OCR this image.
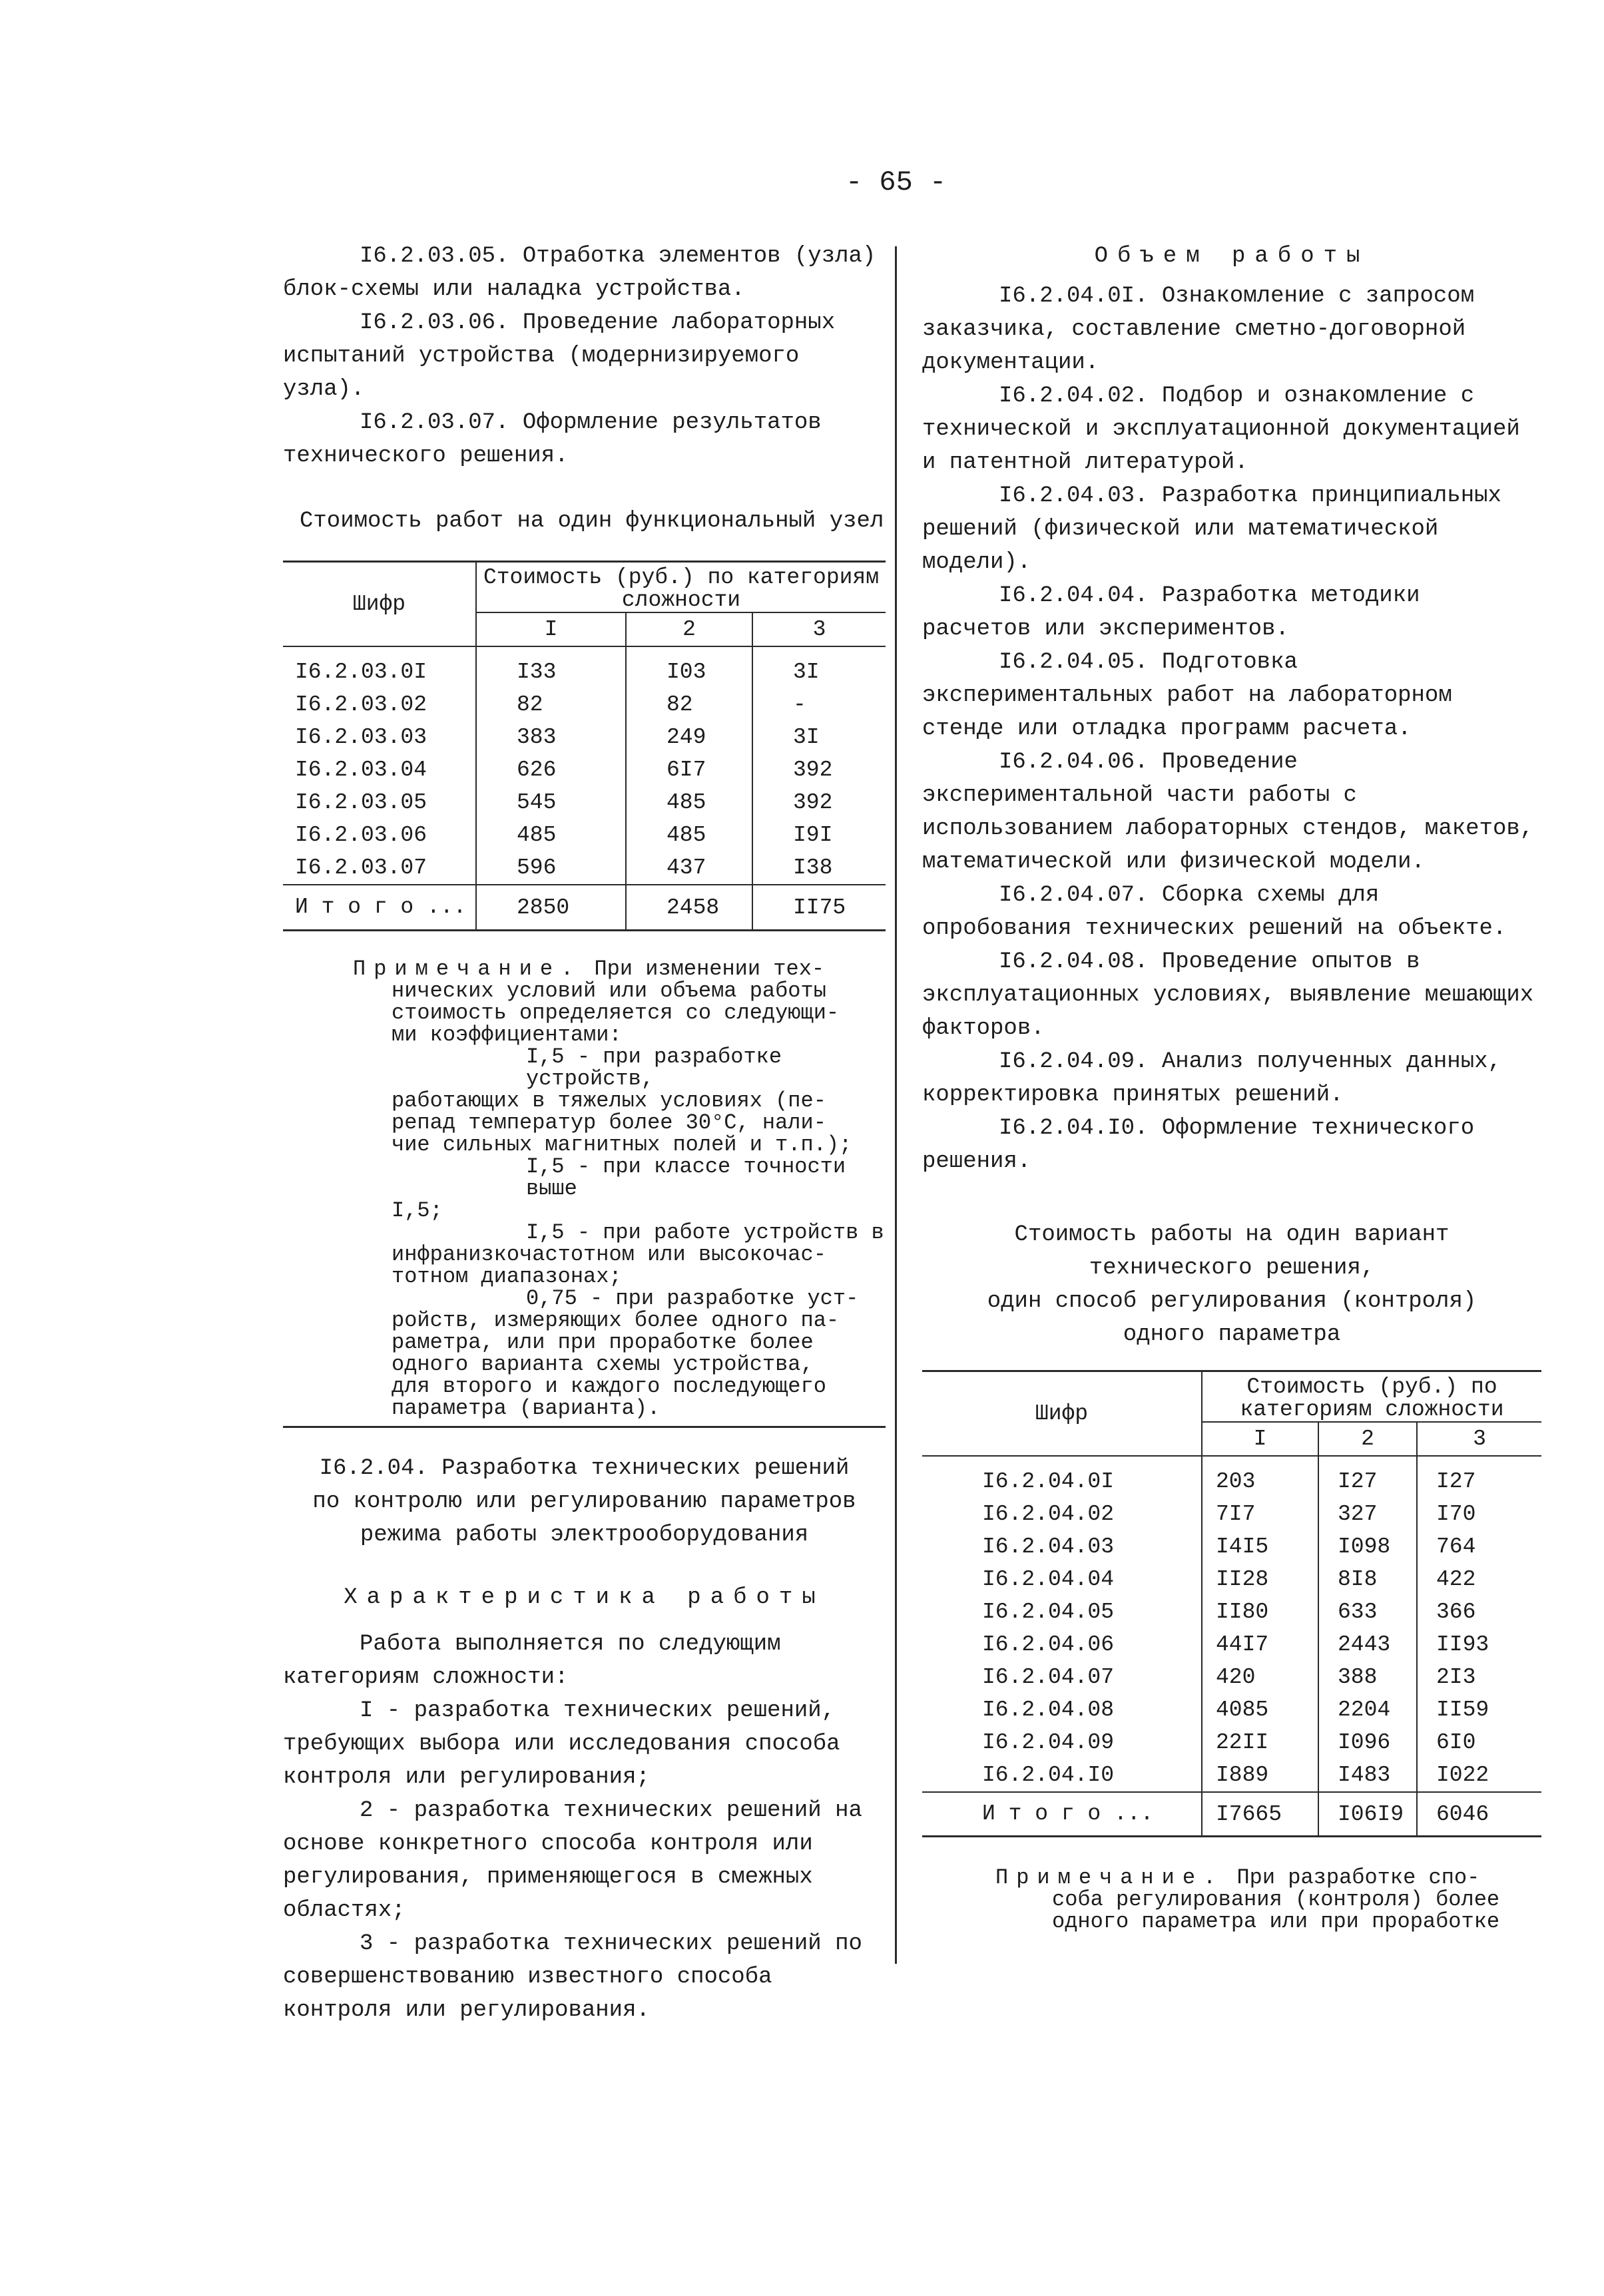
- 65 -

I6.2.03.05. Отработка элементов (узла) блок-схемы или наладка устройства.

I6.2.03.06. Проведение лабораторных испытаний устройства (модернизируемого узла).

I6.2.03.07. Оформление результатов технического решения.

Стоимость работ на один функциональный узел

Шифр	Стоимость (руб.) по категориям сложности		
	I	2	3

I6.2.03.0I	I33	I03	3I
I6.2.03.02	82	82	-
I6.2.03.03	383	249	3I
I6.2.03.04	626	6I7	392
I6.2.03.05	545	485	392
I6.2.03.06	485	485	I9I
I6.2.03.07	596	437	I38
И т о г о ...	2850	2458	II75

Примечание. При изменении тех-

нических условий или объема работы

стоимость определяется со следующи-

ми коэффициентами:

I,5 - при разработке устройств,

работающих в тяжелых условиях (пе-

репад температур более 30°С, нали-

чие сильных магнитных полей и т.п.);

I,5 - при классе точности выше

I,5;

I,5 - при работе устройств в

инфранизкочастотном или высокочас-

тотном диапазонах;

0,75 - при разработке уст-

ройств, измеряющих более одного па-

раметра, или при проработке более

одного варианта схемы устройства,

для второго и каждого последующего

параметра (варианта).

I6.2.04. Разработка технических решений по контролю или регулированию параметров режима работы электрооборудования

Характеристика работы

Работа выполняется по следующим категориям сложности:

I - разработка технических решений, требующих выбора или исследования способа контроля или регулирования;

2 - разработка технических решений на основе конкретного способа контроля или регулирования, применяющегося в смежных областях;

3 - разработка технических решений по совершенствованию известного способа контроля или регулирования.

Объем работы

I6.2.04.0I. Ознакомление с запросом заказчика, составление сметно-договорной документации.

I6.2.04.02. Подбор и ознакомление с технической и эксплуатационной документацией и патентной литературой.

I6.2.04.03. Разработка принципиальных решений (физической или математической модели).

I6.2.04.04. Разработка методики расчетов или экспериментов.

I6.2.04.05. Подготовка экспериментальных работ на лабораторном стенде или отладка программ расчета.

I6.2.04.06. Проведение экспериментальной части работы с использованием лабораторных стендов, макетов, математической или физической модели.

I6.2.04.07. Сборка схемы для опробования технических решений на объекте.

I6.2.04.08. Проведение опытов в эксплуатационных условиях, выявление мешающих факторов.

I6.2.04.09. Анализ полученных данных, корректировка принятых решений.

I6.2.04.I0. Оформление технического решения.

Стоимость работы на один вариант

технического решения,

один способ регулирования (контроля)

одного параметра

Шифр	Стоимость (руб.) по категориям сложности		
	I	2	3

I6.2.04.0I	203	I27	I27
I6.2.04.02	7I7	327	I70
I6.2.04.03	I4I5	I098	764
I6.2.04.04	II28	8I8	422
I6.2.04.05	II80	633	366
I6.2.04.06	44I7	2443	II93
I6.2.04.07	420	388	2I3
I6.2.04.08	4085	2204	II59
I6.2.04.09	22II	I096	6I0
I6.2.04.I0	I889	I483	I022
И т о г о ...	I7665	I06I9	6046

Примечание. При разработке спо-

соба регулирования (контроля) более

одного параметра или при проработке
